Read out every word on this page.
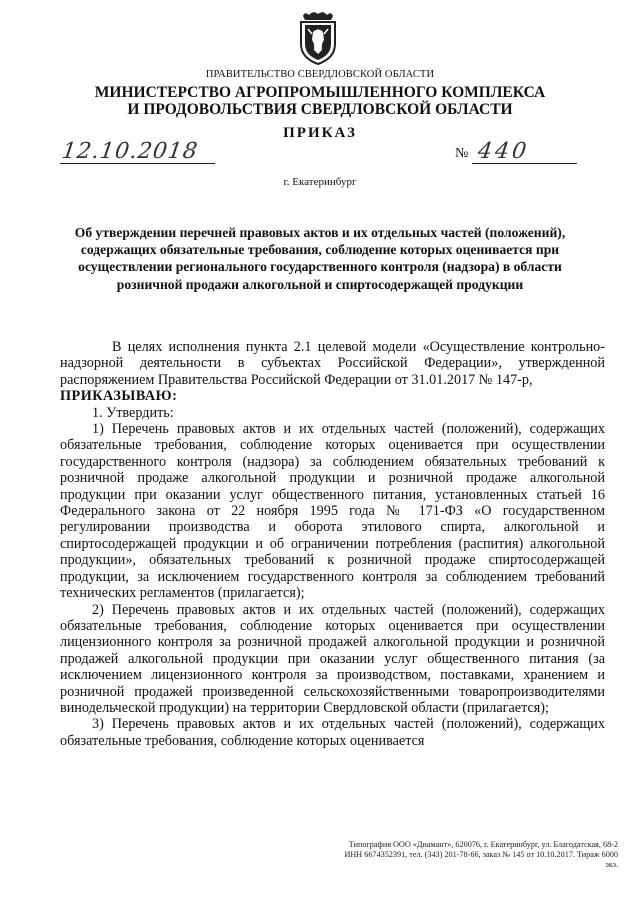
ПРАВИТЕЛЬСТВО СВЕРДЛОВСКОЙ ОБЛАСТИ
МИНИСТЕРСТВО АГРОПРОМЫШЛЕННОГО КОМПЛЕКСА
И ПРОДОВОЛЬСТВИЯ СВЕРДЛОВСКОЙ ОБЛАСТИ
ПРИКАЗ
12.10.2018	№ 440
г. Екатеринбург
Об утверждении перечней правовых актов и их отдельных частей (положений), содержащих обязательные требования, соблюдение которых оценивается при осуществлении регионального государственного контроля (надзора) в области розничной продажи алкогольной и спиртосодержащей продукции

В целях исполнения пункта 2.1 целевой модели «Осуществление контрольно-надзорной деятельности в субъектах Российской Федерации», утвержденной распоряжением Правительства Российской Федерации от 31.01.2017 № 147-р,

ПРИКАЗЫВАЮ:

1. Утвердить:

1) Перечень правовых актов и их отдельных частей (положений), содержащих обязательные требования, соблюдение которых оценивается при осуществлении государственного контроля (надзора) за соблюдением обязательных требований к розничной продаже алкогольной продукции и розничной продаже алкогольной продукции при оказании услуг общественного питания, установленных статьей 16 Федерального закона от 22 ноября 1995 года № 171-ФЗ «О государственном регулировании производства и оборота этилового спирта, алкогольной и спиртосодержащей продукции и об ограничении потребления (распития) алкогольной продукции», обязательных требований к розничной продаже спиртосодержащей продукции, за исключением государственного контроля за соблюдением требований технических регламентов (прилагается);

2) Перечень правовых актов и их отдельных частей (положений), содержащих обязательные требования, соблюдение которых оценивается при осуществлении лицензионного контроля за розничной продажей алкогольной продукции и розничной продажей алкогольной продукции при оказании услуг общественного питания (за исключением лицензионного контроля за производством, поставками, хранением и розничной продажей произведенной сельскохозяйственными товаропроизводителями винодельческой продукции) на территории Свердловской области (прилагается);

3) Перечень правовых актов и их отдельных частей (положений), содержащих обязательные требования, соблюдение которых оценивается

Типография ООО «Диамант», 620076, г. Екатеринбург, ул. Благодатская, 68-2
ИНН 6674352391, тел. (343) 201-78-66, заказ № 145 от 10.10.2017. Тираж 6000 экз.
